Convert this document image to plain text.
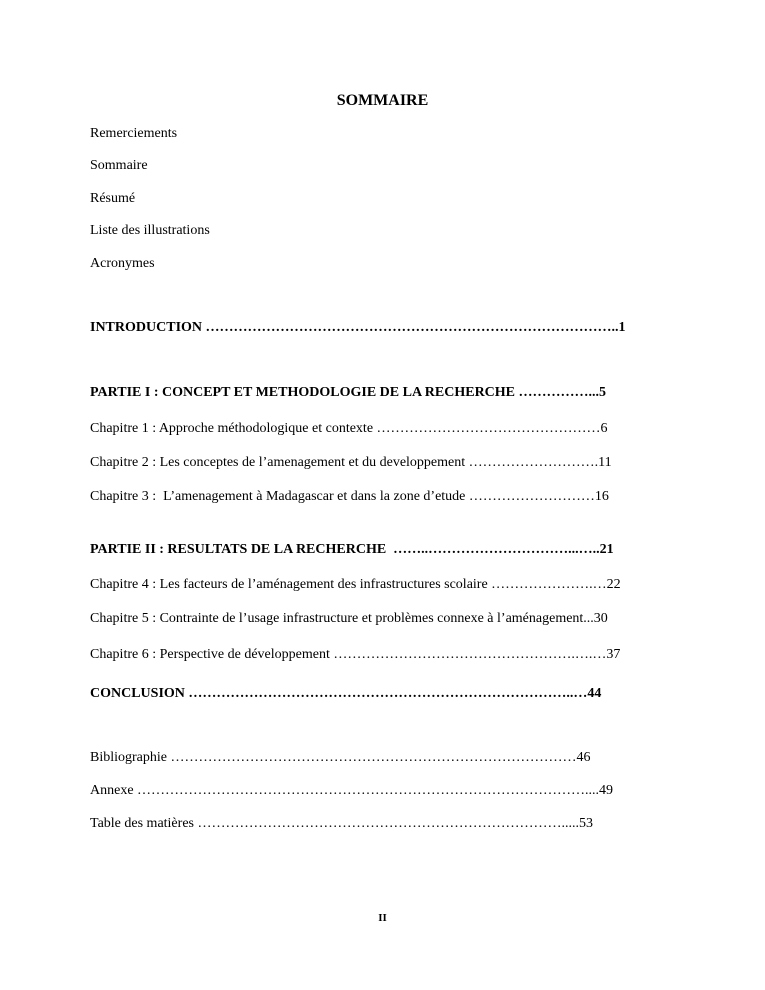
SOMMAIRE
Remerciements
Sommaire
Résumé
Liste des illustrations
Acronymes
INTRODUCTION ……………………………………………………………………………..1
PARTIE I : CONCEPT ET METHODOLOGIE DE LA RECHERCHE ……………...5
Chapitre 1 : Approche méthodologique et contexte …………………………………………6
Chapitre 2 : Les conceptes de l’amenagement et du developpement ……………………….11
Chapitre 3 :  L’amenagement à Madagascar et dans la zone d’etude ………………………16
PARTIE II : RESULTATS DE LA RECHERCHE  ……..…………………………...…..21
Chapitre 4 : Les facteurs de l’aménagement des infrastructures scolaire ………………….…22
Chapitre 5 : Contrainte de l’usage infrastructure et problèmes connexe à l’aménagement...30
Chapitre 6 : Perspective de développement …………………………………………….….…37
CONCLUSION ………………………………………………………………………..…44
Bibliographie ……………………………………………………………………………46
Annexe ……………………………………………………………………………………....49
Table des matières …………………………………………………………………….....53
II
